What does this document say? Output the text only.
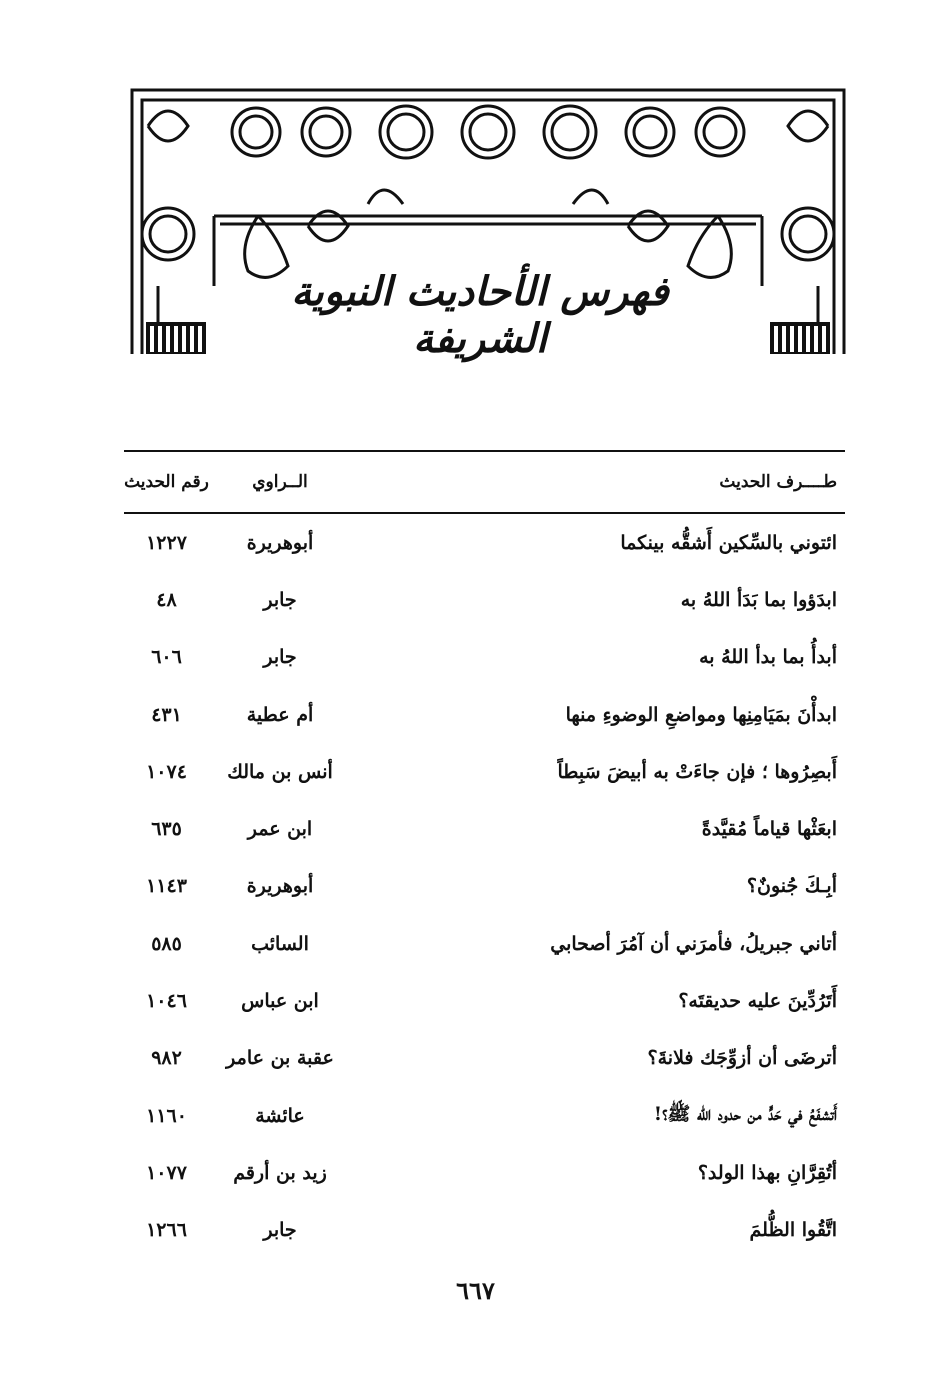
فهرس الأحاديث النبوية الشريفة
طــــرف الحديث
الــراوي
رقم الحديث
ائتوني بالسِّكين أَشقُّه بينكما
أبوهريرة
١٢٢٧
ابدَؤوا بما بَدَأ اللهُ به
جابر
٤٨
أبدأُ بما بدأ اللهُ به
جابر
٦٠٦
ابدأْنَ بمَيَامِنِها ومواضعِ الوضوءِ منها
أم عطية
٤٣١
أَبصِرُوها ؛ فإن جاءَتْ به أبيضَ سَبِطاً
أنس بن مالك
١٠٧٤
ابعَثْها قياماً مُقيَّدةً
ابن عمر
٦٣٥
أبِـكَ جُنونٌ؟
أبوهريرة
١١٤٣
أتاني جبريلُ، فأمرَني أن آمُرَ أصحابي
السائب
٥٨٥
أَتَرُدِّينَ عليه حديقتَه؟
ابن عباس
١٠٤٦
أترضَى أن أزوِّجَك فلانةَ؟
عقبة بن عامر
٩٨٢
أَتشفَعُ في حَدٍّ من حدود الله ﷺ؟!
عائشة
١١٦٠
أتُقِرَّانِ بهذا الولد؟
زيد بن أرقم
١٠٧٧
اتَّقُوا الظُّلمَ
جابر
١٢٦٦
٦٦٧
